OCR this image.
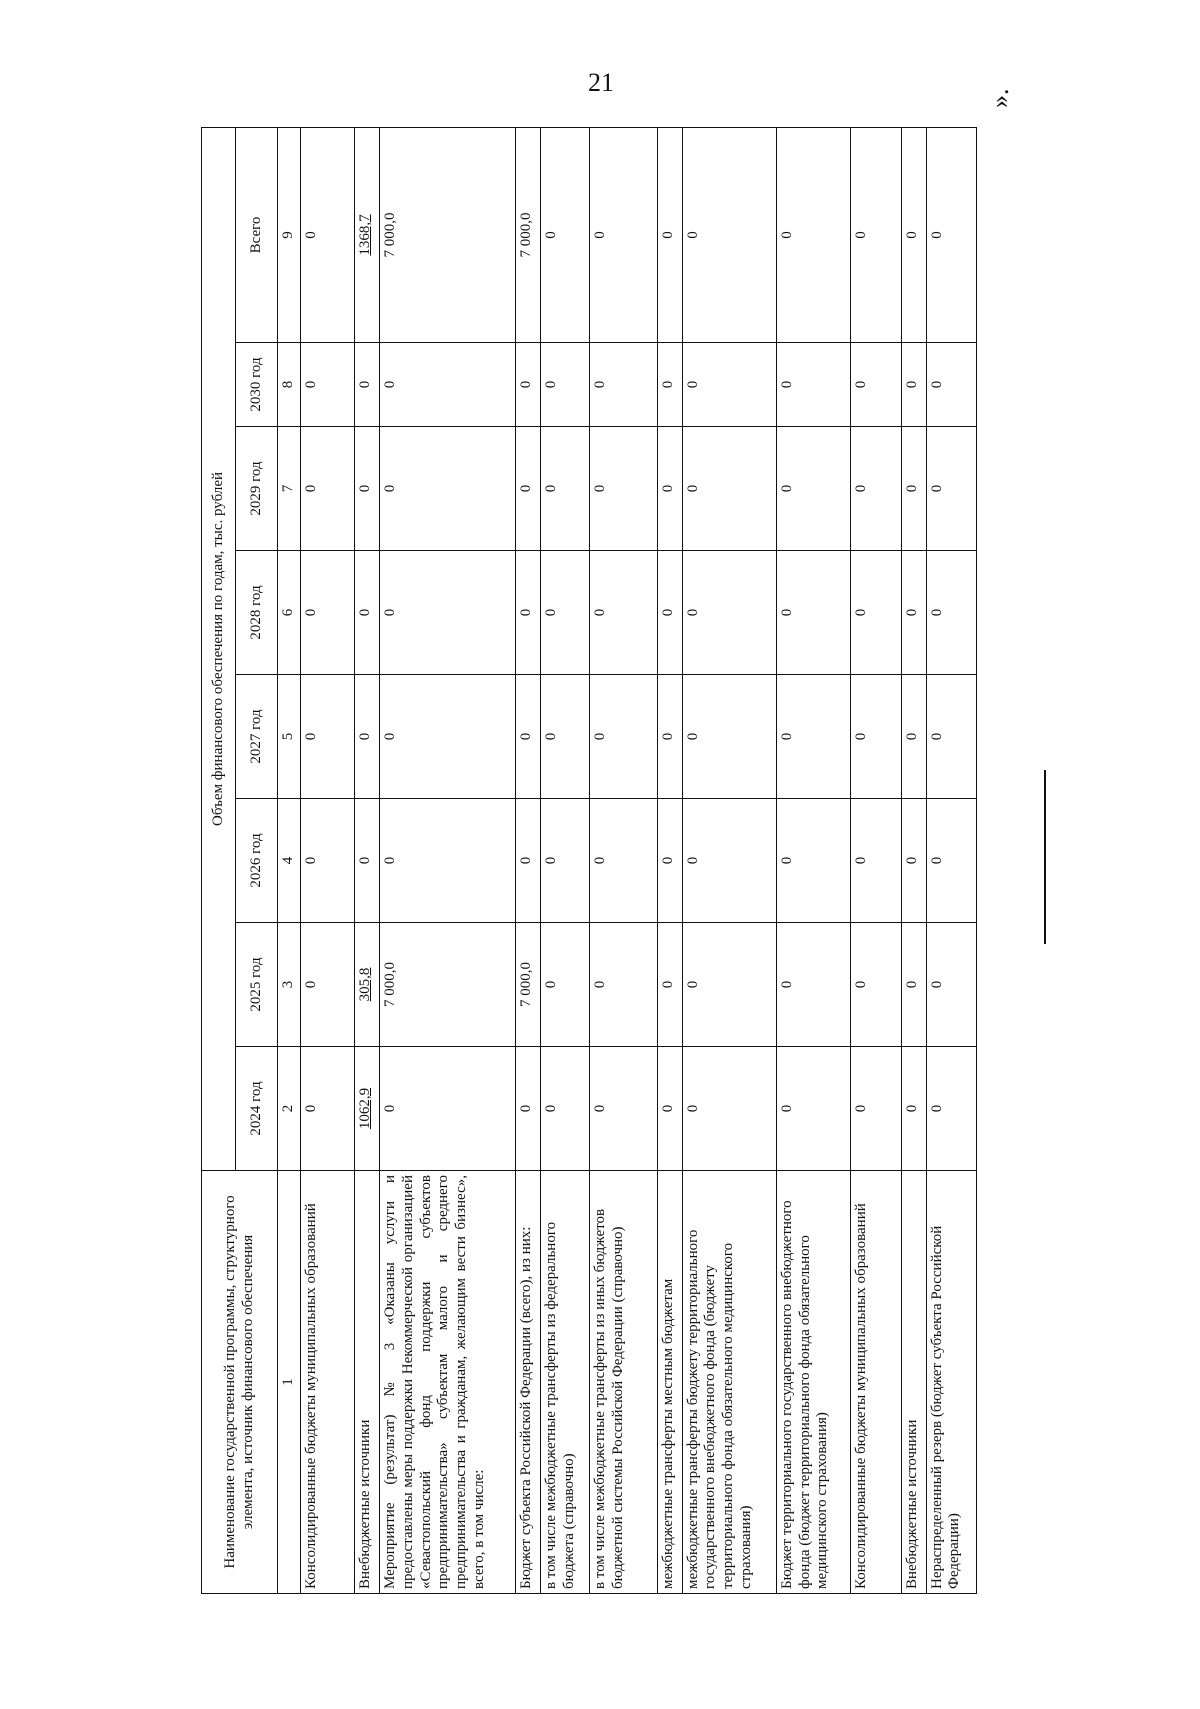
21
».
Наименование государственной программы, структурного элемента, источник финансового обеспечения	Объем финансового обеспечения по годам, тыс. рублей							
	2024 год	2025 год	2026 год	2027 год	2028 год	2029 год	2030 год	Всего
1	2	3	4	5	6	7	8	9
Консолидированные бюджеты муниципальных образований	0	0	0	0	0	0	0	0
Внебюджетные источники	1062,9	305,8	0	0	0	0	0	1368,7
Мероприятие (результат) № 3 «Оказаны услуги и предоставлены меры поддержки Некоммерческой организацией «Севастопольский фонд поддержки субъектов предпринимательства» субъектам малого и среднего предпринимательства и гражданам, желающим вести бизнес», всего, в том числе:	0	7 000,0	0	0	0	0	0	7 000,0
Бюджет субъекта Российской Федерации (всего), из них:	0	7 000,0	0	0	0	0	0	7 000,0
в том числе межбюджетные трансферты из федерального бюджета (справочно)	0	0	0	0	0	0	0	0
в том числе межбюджетные трансферты из иных бюджетов бюджетной системы Российской Федерации (справочно)	0	0	0	0	0	0	0	0
межбюджетные трансферты местным бюджетам	0	0	0	0	0	0	0	0
межбюджетные трансферты бюджету территориального государственного внебюджетного фонда (бюджету территориального фонда обязательного медицинского страхования)	0	0	0	0	0	0	0	0
Бюджет территориального государственного внебюджетного фонда (бюджет территориального фонда обязательного медицинского страхования)	0	0	0	0	0	0	0	0
Консолидированные бюджеты муниципальных образований	0	0	0	0	0	0	0	0
Внебюджетные источники	0	0	0	0	0	0	0	0
Нераспределенный резерв (бюджет субъекта Российской Федерации)	0	0	0	0	0	0	0	0
